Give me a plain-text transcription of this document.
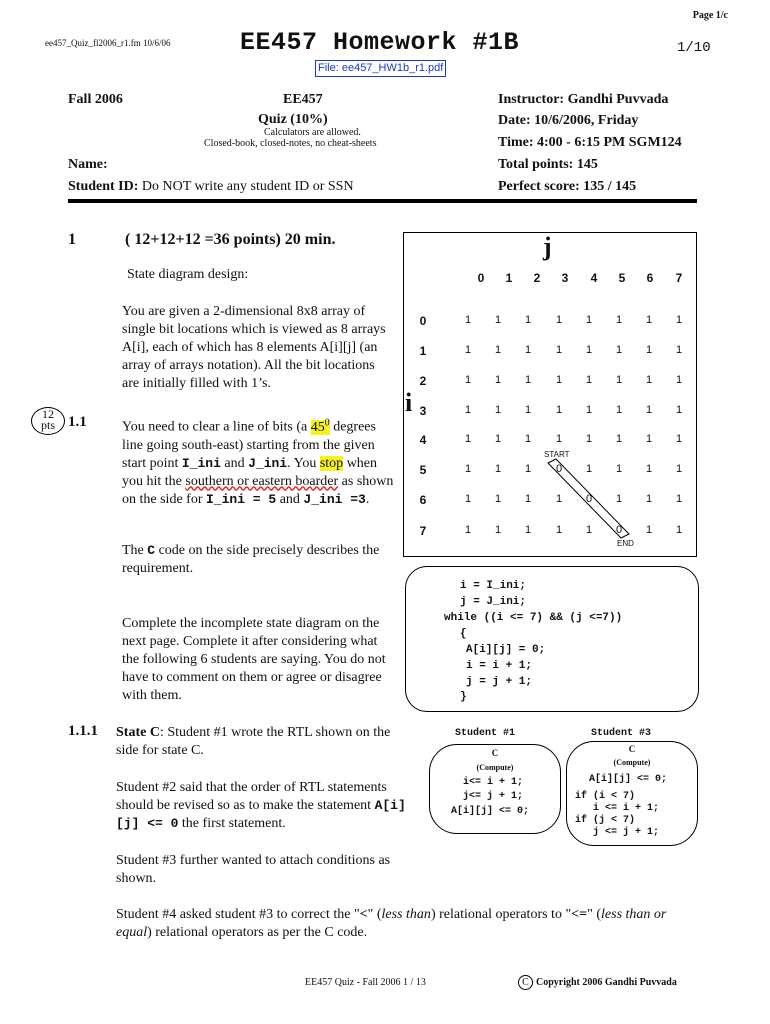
Page 1/с
ee457_Quiz_fl2006_r1.fm 10/6/06	EE457 Homework #1B	1/10
File: ee457_HW1b_r1.pdf
Fall 2006	EE457
Quiz (10%)
Calculators are allowed.
Closed-book, closed-notes, no cheat-sheets
Instructor: Gandhi Puvvada
Date: 10/6/2006, Friday
Time: 4:00 - 6:15 PM SGM124
Total points: 145
Perfect score: 135 / 145
Name:
Student ID: Do NOT write any student ID or SSN
1	( 12+12+12 =36 points) 20 min.
State diagram design:
You are given a 2-dimensional 8x8 array of single bit locations which is viewed as 8 arrays A[i], each of which has 8 elements A[i][j] (an array of arrays notation). All the bit locations are initially filled with 1’s.
12
pts 1.1	You need to clear a line of bits (a $45^0$ degrees line going south-east) starting from the given start point I_ini and J_ini. You stop when you hit the southern or eastern boarder as shown on the side for I_ini = 5 and J_ini =3.
The C code on the side precisely describes the requirement.
Complete the incomplete state diagram on the next page. Complete it after considering what the following 6 students are saying. You do not have to comment on them or agree or disagree with them.
1.1.1 State C: Student #1 wrote the RTL shown on the side for state C.
Student #2 said that the order of RTL statements should be revised so as to make the statement A[i][j] <= 0 the first statement.
Student #3 further wanted to attach conditions as shown.
Student #4 asked student #3 to correct the "<" (less than) relational operators to "<=" (less than or equal) relational operators as per the C code.
j
i
0	1	2	3	4	5	6	7
0	1	1	1	1	1	1	1	1
1	1	1	1	1	1	1	1	1
2	1	1	1	1	1	1	1	1
3	1	1	1	1	1	1	1	1
4	1	1	1	1	1	1	1	1
5	1	1	1	0	1	1	1	1
6	1	1	1	1	0	1	1	1
7	1	1	1	1	1	0	1	1
START
END
i = I_ini;
j = J_ini;
while ((i <= 7) && (j <=7))
{
A[i][j] = 0;
i = i + 1;
j = j + 1;
}
Student #1
C
(Compute)
i<= i + 1;
j<= j + 1;
A[i][j] <= 0;
Student #3
C
(Compute)
A[i][j] <= 0;
if (i < 7)
i <= i + 1;
if (j < 7)
j <= j + 1;
EE457 Quiz - Fall 2006 1 / 13	C Copyright 2006 Gandhi Puvvada
